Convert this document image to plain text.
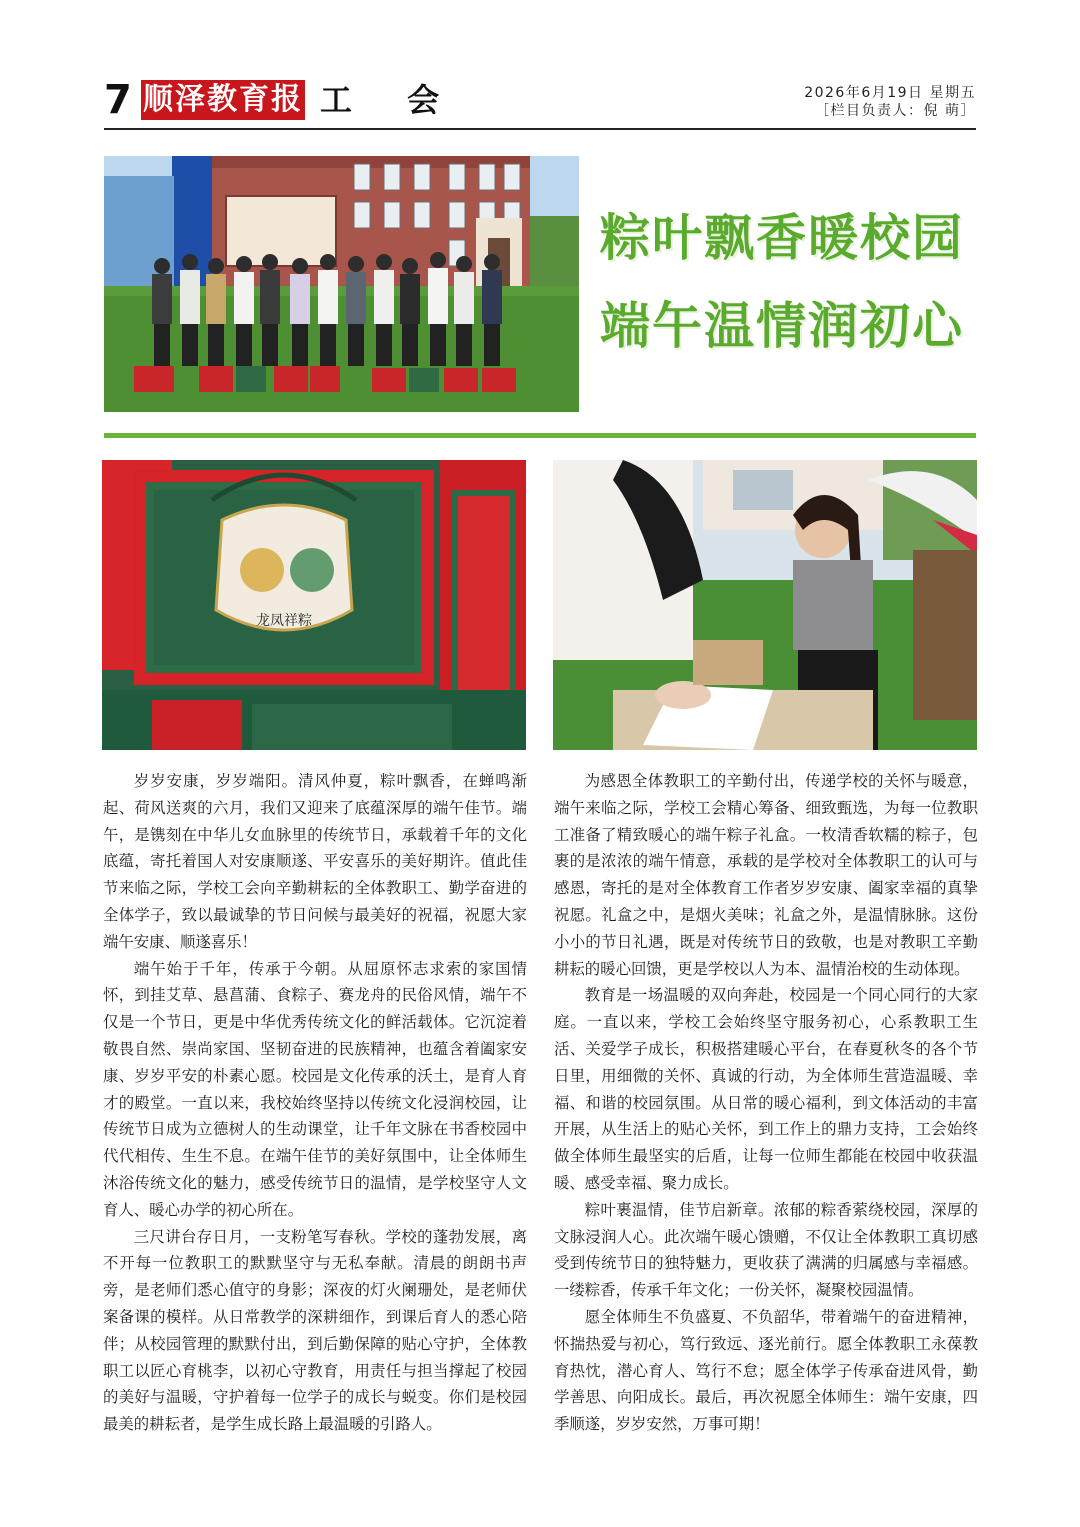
7 顺泽教育报 工 会	2026年6月19日 星期五
［栏目负责人：倪 萌］
粽叶飘香暖校园
端午温情润初心
龙凤祥粽

岁岁安康，岁岁端阳。清风仲夏，粽叶飘香，在蝉鸣渐起、荷风送爽的六月，我们又迎来了底蕴深厚的端午佳节。端午，是镌刻在中华儿女血脉里的传统节日，承载着千年的文化底蕴，寄托着国人对安康顺遂、平安喜乐的美好期许。值此佳节来临之际，学校工会向辛勤耕耘的全体教职工、勤学奋进的全体学子，致以最诚挚的节日问候与最美好的祝福，祝愿大家端午安康、顺遂喜乐！

端午始于千年，传承于今朝。从屈原怀志求索的家国情怀，到挂艾草、悬菖蒲、食粽子、赛龙舟的民俗风情，端午不仅是一个节日，更是中华优秀传统文化的鲜活载体。它沉淀着敬畏自然、崇尚家国、坚韧奋进的民族精神，也蕴含着阖家安康、岁岁平安的朴素心愿。校园是文化传承的沃土，是育人育才的殿堂。一直以来，我校始终坚持以传统文化浸润校园，让传统节日成为立德树人的生动课堂，让千年文脉在书香校园中代代相传、生生不息。在端午佳节的美好氛围中，让全体师生沐浴传统文化的魅力，感受传统节日的温情，是学校坚守人文育人、暖心办学的初心所在。

三尺讲台存日月，一支粉笔写春秋。学校的蓬勃发展，离不开每一位教职工的默默坚守与无私奉献。清晨的朗朗书声旁，是老师们悉心值守的身影；深夜的灯火阑珊处，是老师伏案备课的模样。从日常教学的深耕细作，到课后育人的悉心陪伴；从校园管理的默默付出，到后勤保障的贴心守护，全体教职工以匠心育桃李，以初心守教育，用责任与担当撑起了校园的美好与温暖，守护着每一位学子的成长与蜕变。你们是校园最美的耕耘者，是学生成长路上最温暖的引路人。

为感恩全体教职工的辛勤付出，传递学校的关怀与暖意，端午来临之际，学校工会精心筹备、细致甄选，为每一位教职工准备了精致暖心的端午粽子礼盒。一枚清香软糯的粽子，包裹的是浓浓的端午情意，承载的是学校对全体教职工的认可与感恩，寄托的是对全体教育工作者岁岁安康、阖家幸福的真挚祝愿。礼盒之中，是烟火美味；礼盒之外，是温情脉脉。这份小小的节日礼遇，既是对传统节日的致敬，也是对教职工辛勤耕耘的暖心回馈，更是学校以人为本、温情治校的生动体现。

教育是一场温暖的双向奔赴，校园是一个同心同行的大家庭。一直以来，学校工会始终坚守服务初心，心系教职工生活、关爱学子成长，积极搭建暖心平台，在春夏秋冬的各个节日里，用细微的关怀、真诚的行动，为全体师生营造温暖、幸福、和谐的校园氛围。从日常的暖心福利，到文体活动的丰富开展，从生活上的贴心关怀，到工作上的鼎力支持，工会始终做全体师生最坚实的后盾，让每一位师生都能在校园中收获温暖、感受幸福、聚力成长。

粽叶裹温情，佳节启新章。浓郁的粽香萦绕校园，深厚的文脉浸润人心。此次端午暖心馈赠，不仅让全体教职工真切感受到传统节日的独特魅力，更收获了满满的归属感与幸福感。一缕粽香，传承千年文化；一份关怀，凝聚校园温情。

愿全体师生不负盛夏、不负韶华，带着端午的奋进精神，怀揣热爱与初心，笃行致远、逐光前行。愿全体教职工永葆教育热忱，潜心育人、笃行不怠；愿全体学子传承奋进风骨，勤学善思、向阳成长。最后，再次祝愿全体师生：端午安康，四季顺遂，岁岁安然，万事可期！
